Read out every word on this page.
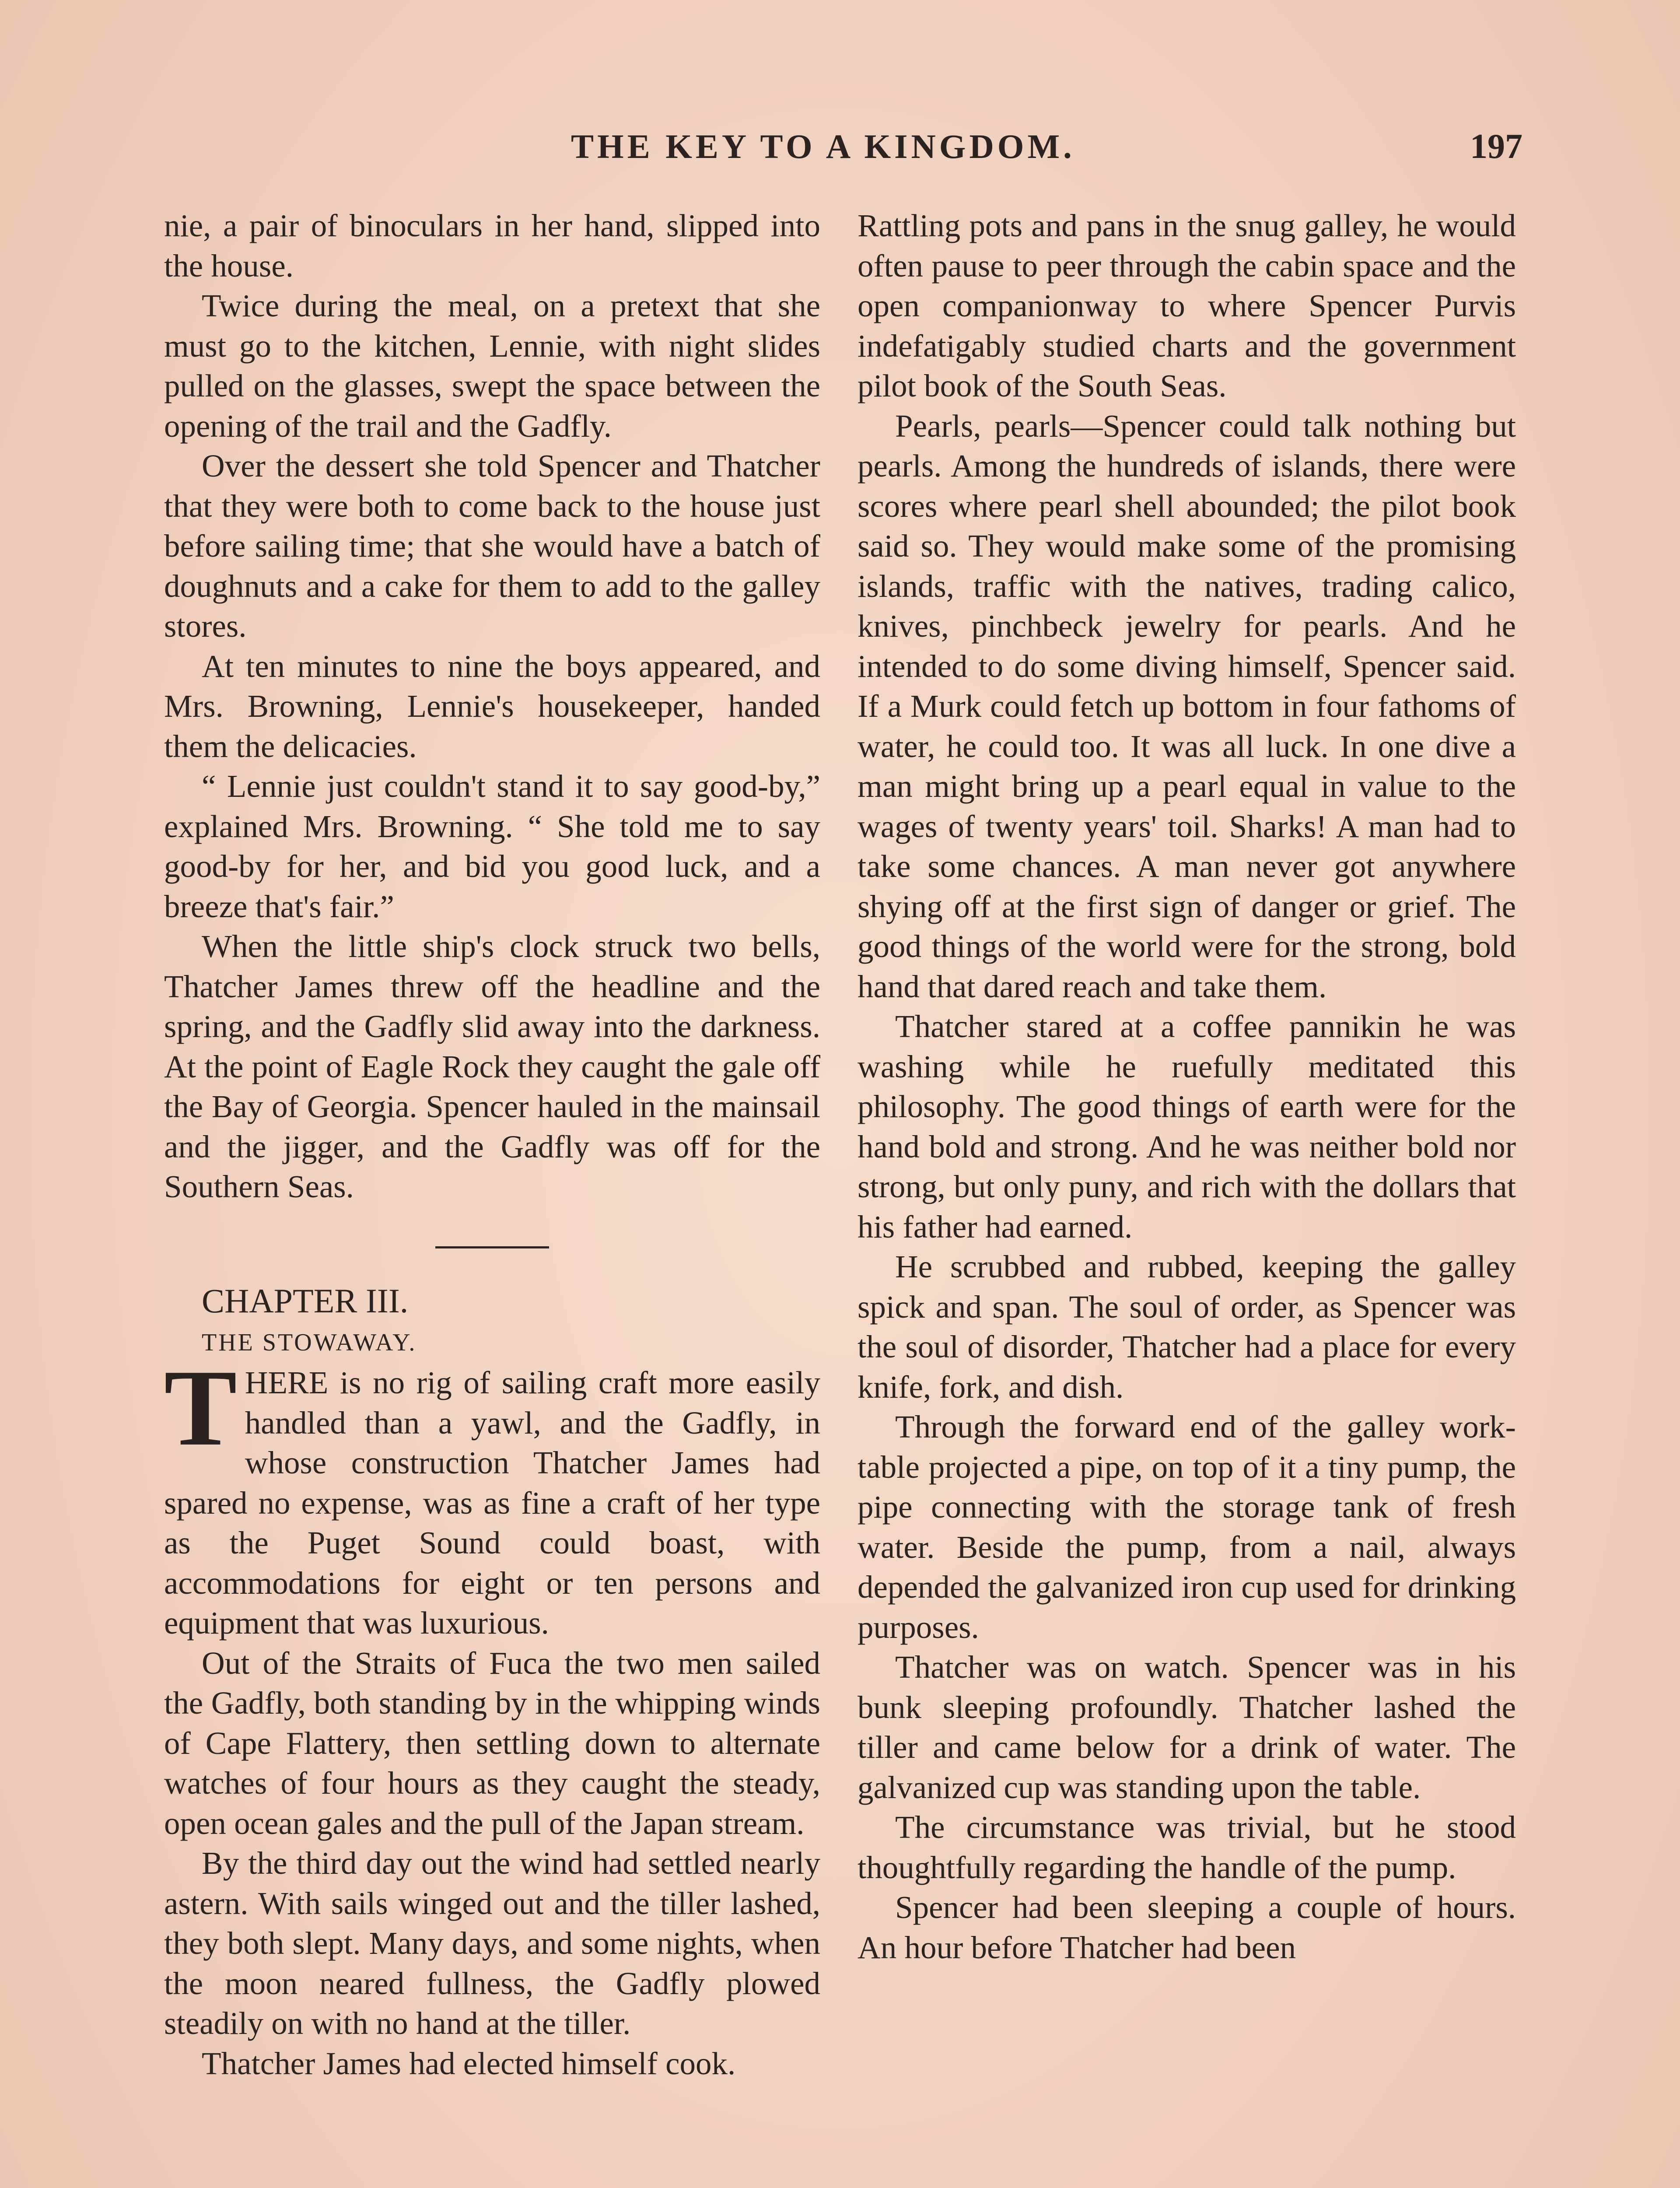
THE KEY TO A KINGDOM.	197

nie, a pair of binoculars in her hand, slipped into the house.

Twice during the meal, on a pretext that she must go to the kitchen, Lennie, with night slides pulled on the glasses, swept the space between the opening of the trail and the Gadfly.

Over the dessert she told Spencer and Thatcher that they were both to come back to the house just before sailing time; that she would have a batch of doughnuts and a cake for them to add to the galley stores.

At ten minutes to nine the boys appeared, and Mrs. Browning, Lennie's housekeeper, handed them the delicacies.

“ Lennie just couldn't stand it to say good-by,” explained Mrs. Browning. “ She told me to say good-by for her, and bid you good luck, and a breeze that's fair.”

When the little ship's clock struck two bells, Thatcher James threw off the headline and the spring, and the Gadfly slid away into the darkness. At the point of Eagle Rock they caught the gale off the Bay of Georgia. Spencer hauled in the mainsail and the jigger, and the Gadfly was off for the Southern Seas.

CHAPTER III.

THE STOWAWAY.

THERE is no rig of sailing craft more easily handled than a yawl, and the Gadfly, in whose construction Thatcher James had spared no expense, was as fine a craft of her type as the Puget Sound could boast, with accommodations for eight or ten persons and equipment that was luxurious.

Out of the Straits of Fuca the two men sailed the Gadfly, both standing by in the whipping winds of Cape Flattery, then settling down to alternate watches of four hours as they caught the steady, open ocean gales and the pull of the Japan stream.

By the third day out the wind had settled nearly astern. With sails winged out and the tiller lashed, they both slept. Many days, and some nights, when the moon neared fullness, the Gadfly plowed steadily on with no hand at the tiller.

Thatcher James had elected himself cook.

Rattling pots and pans in the snug galley, he would often pause to peer through the cabin space and the open companionway to where Spencer Purvis indefatigably studied charts and the government pilot book of the South Seas.

Pearls, pearls—Spencer could talk nothing but pearls. Among the hundreds of islands, there were scores where pearl shell abounded; the pilot book said so. They would make some of the promising islands, traffic with the natives, trading calico, knives, pinchbeck jewelry for pearls. And he intended to do some diving himself, Spencer said. If a Murk could fetch up bottom in four fathoms of water, he could too. It was all luck. In one dive a man might bring up a pearl equal in value to the wages of twenty years' toil. Sharks! A man had to take some chances. A man never got anywhere shying off at the first sign of danger or grief. The good things of the world were for the strong, bold hand that dared reach and take them.

Thatcher stared at a coffee pannikin he was washing while he ruefully meditated this philosophy. The good things of earth were for the hand bold and strong. And he was neither bold nor strong, but only puny, and rich with the dollars that his father had earned.

He scrubbed and rubbed, keeping the galley spick and span. The soul of order, as Spencer was the soul of disorder, Thatcher had a place for every knife, fork, and dish.

Through the forward end of the galley work-table projected a pipe, on top of it a tiny pump, the pipe connecting with the storage tank of fresh water. Beside the pump, from a nail, always depended the galvanized iron cup used for drinking purposes.

Thatcher was on watch. Spencer was in his bunk sleeping profoundly. Thatcher lashed the tiller and came below for a drink of water. The galvanized cup was standing upon the table.

The circumstance was trivial, but he stood thoughtfully regarding the handle of the pump.

Spencer had been sleeping a couple of hours. An hour before Thatcher had been
